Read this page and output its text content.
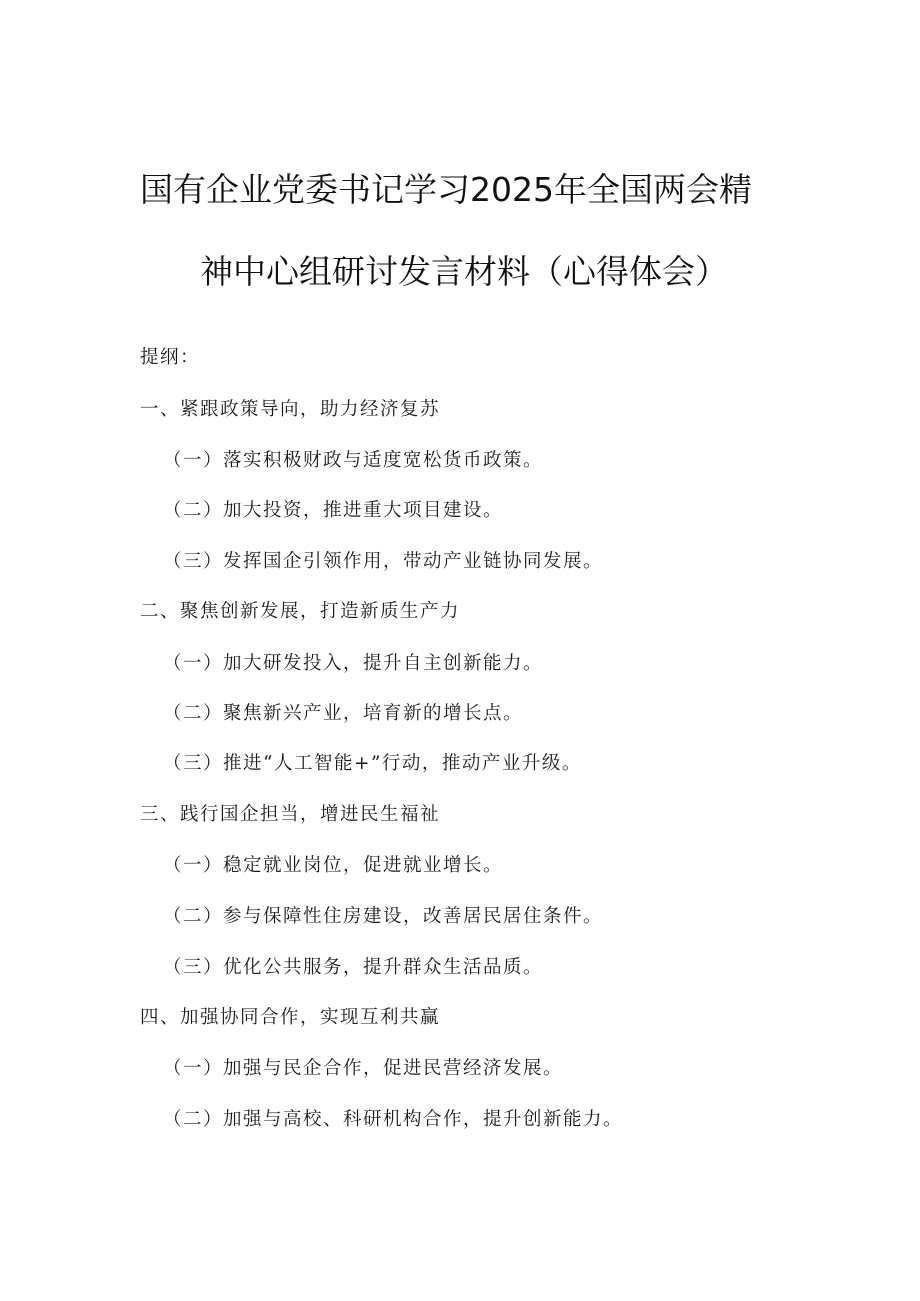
国有企业党委书记学习2025年全国两会精
神中心组研讨发言材料（心得体会）

提纲：

一、紧跟政策导向，助力经济复苏

（一）落实积极财政与适度宽松货币政策。

（二）加大投资，推进重大项目建设。

（三）发挥国企引领作用，带动产业链协同发展。

二、聚焦创新发展，打造新质生产力

（一）加大研发投入，提升自主创新能力。

（二）聚焦新兴产业，培育新的增长点。

（三）推进“人工智能+”行动，推动产业升级。

三、践行国企担当，增进民生福祉

（一）稳定就业岗位，促进就业增长。

（二）参与保障性住房建设，改善居民居住条件。

（三）优化公共服务，提升群众生活品质。

四、加强协同合作，实现互利共赢

（一）加强与民企合作，促进民营经济发展。

（二）加强与高校、科研机构合作，提升创新能力。
